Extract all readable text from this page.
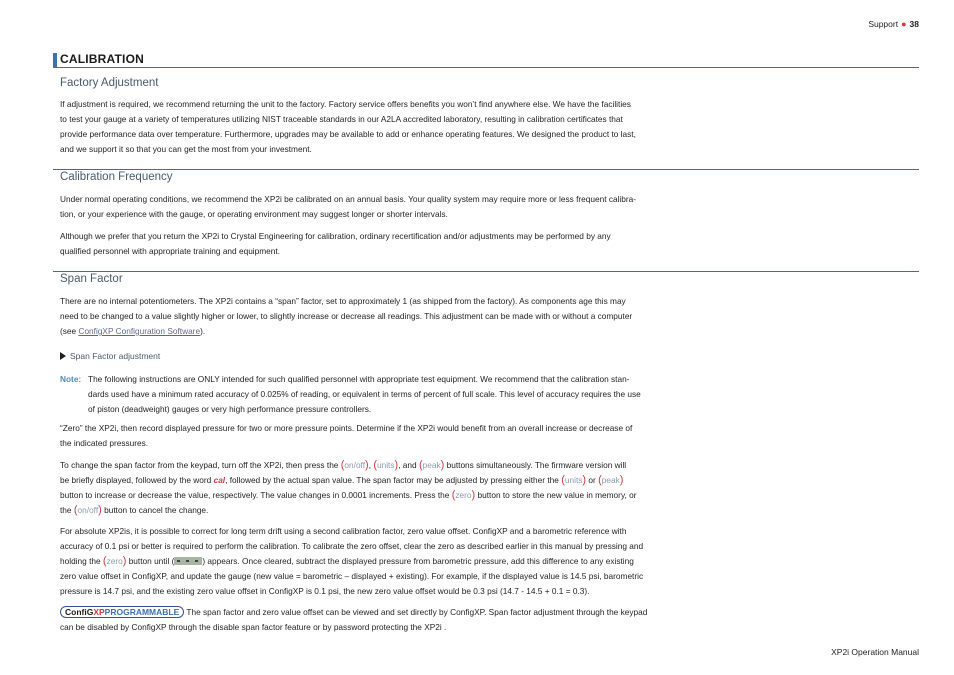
Support ● 38
CALIBRATION
Factory Adjustment
If adjustment is required, we recommend returning the unit to the factory. Factory service offers benefits you won’t find anywhere else. We have the facilities
to test your gauge at a variety of temperatures utilizing NIST traceable standards in our A2LA accredited laboratory, resulting in calibration certificates that
provide performance data over temperature. Furthermore, upgrades may be available to add or enhance operating features. We designed the product to last,
and we support it so that you can get the most from your investment.
Calibration Frequency
Under normal operating conditions, we recommend the XP2i be calibrated on an annual basis. Your quality system may require more or less frequent calibra-
tion, or your experience with the gauge, or operating environment may suggest longer or shorter intervals.
Although we prefer that you return the XP2i to Crystal Engineering for calibration, ordinary recertification and/or adjustments may be performed by any
qualified personnel with appropriate training and equipment.
Span Factor
There are no internal potentiometers. The XP2i contains a “span” factor, set to approximately 1 (as shipped from the factory). As components age this may
need to be changed to a value slightly higher or lower, to slightly increase or decrease all readings. This adjustment can be made with or without a computer
(see ConfigXP Configuration Software).
Span Factor adjustment
Note: The following instructions are ONLY intended for such qualified personnel with appropriate test equipment. We recommend that the calibration stan-
dards used have a minimum rated accuracy of 0.025% of reading, or equivalent in terms of percent of full scale. This level of accuracy requires the use
of piston (deadweight) gauges or very high performance pressure controllers.
“Zero” the XP2i, then record displayed pressure for two or more pressure points. Determine if the XP2i would benefit from an overall increase or decrease of
the indicated pressures.
To change the span factor from the keypad, turn off the XP2i, then press the (on/off), (units), and (peak) buttons simultaneously. The firmware version will
be briefly displayed, followed by the word cal, followed by the actual span value. The span factor may be adjusted by pressing either the (units) or (peak)
button to increase or decrease the value, respectively. The value changes in 0.0001 increments. Press the (zero) button to store the new value in memory, or
the (on/off) button to cancel the change.
For absolute XP2is, it is possible to correct for long term drift using a second calibration factor, zero value offset. ConfigXP and a barometric reference with
accuracy of 0.1 psi or better is required to perform the calibration. To calibrate the zero offset, clear the zero as described earlier in this manual by pressing and
holding the (zero) button until (	) appears. Once cleared, subtract the displayed pressure from barometric pressure, add this difference to any existing
zero value offset in ConfigXP, and update the gauge (new value = barometric – displayed + existing). For example, if the displayed value is 14.5 psi, barometric
pressure is 14.7 psi, and the existing zero value offset in ConfigXP is 0.1 psi, the new zero value offset would be 0.3 psi (14.7 - 14.5 + 0.1 = 0.3).
ConfiGXPPROGRAMMABLE The span factor and zero value offset can be viewed and set directly by ConfigXP. Span factor adjustment through the keypad
can be disabled by ConfigXP through the disable span factor feature or by password protecting the XP2i .
XP2i Operation Manual
